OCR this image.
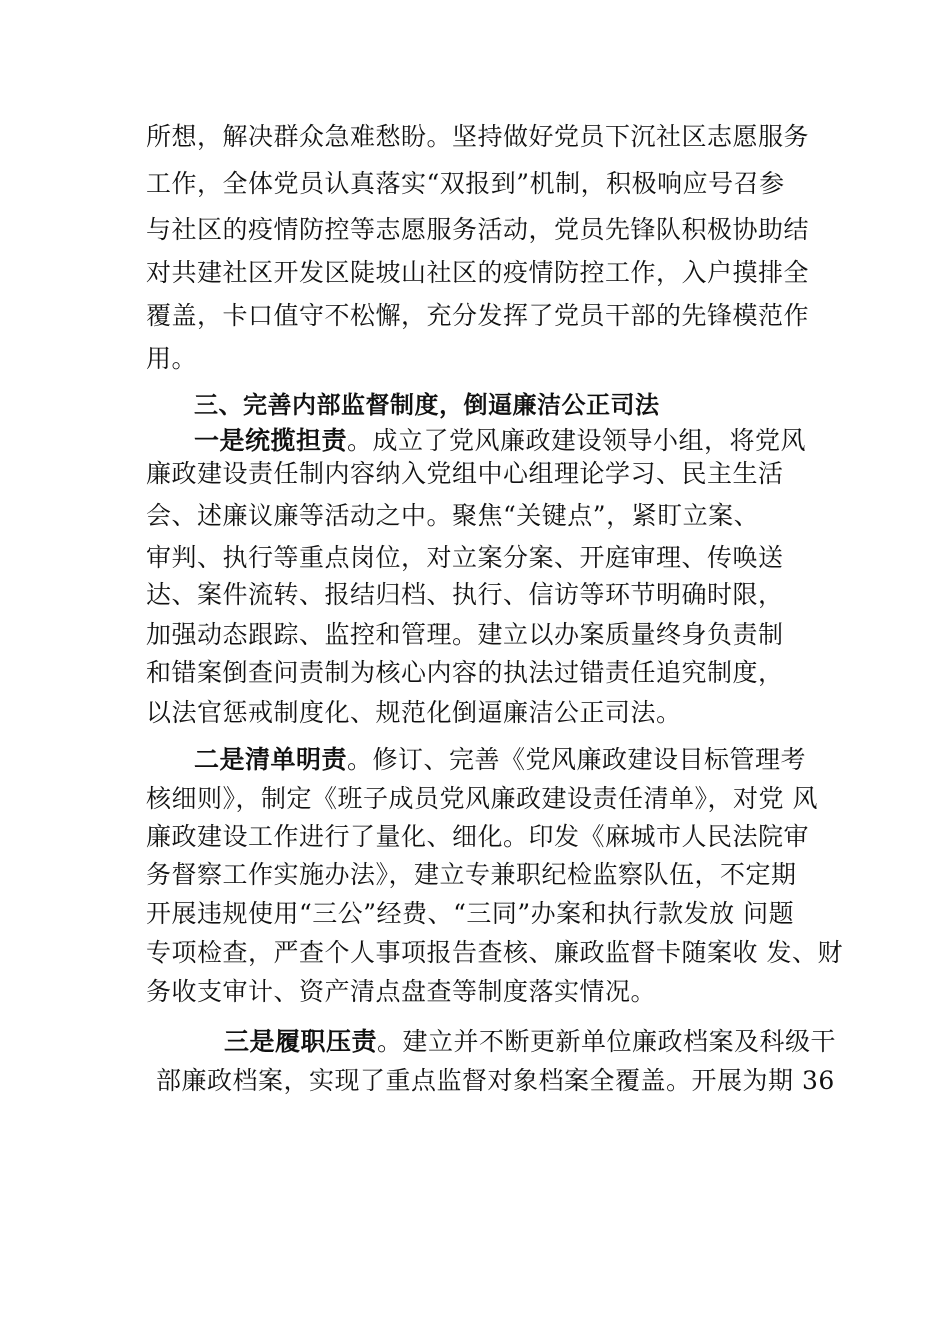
所想，解决群众急难愁盼。坚持做好党员下沉社区志愿服务
工作，全体党员认真落实“双报到”机制，积极响应号召参
与社区的疫情防控等志愿服务活动，党员先锋队积极协助结
对共建社区开发区陡坡山社区的疫情防控工作，入户摸排全
覆盖，卡口值守不松懈，充分发挥了党员干部的先锋模范作
用。
三、完善内部监督制度，倒逼廉洁公正司法
一是统揽担责。成立了党风廉政建设领导小组，将党风
廉政建设责任制内容纳入党组中心组理论学习、民主生活
会、述廉议廉等活动之中。聚焦“关键点”，紧盯立案、
审判、执行等重点岗位，对立案分案、开庭审理、传唤送
达、案件流转、报结归档、执行、信访等环节明确时限，
加强动态跟踪、监控和管理。建立以办案质量终身负责制
和错案倒查问责制为核心内容的执法过错责任追究制度，
以法官惩戒制度化、规范化倒逼廉洁公正司法。
二是清单明责。修订、完善《党风廉政建设目标管理考
核细则》，制定《班子成员党风廉政建设责任清单》，对党 风
廉政建设工作进行了量化、细化。印发《麻城市人民法院审
务督察工作实施办法》，建立专兼职纪检监察队伍，不定期
开展违规使用“三公”经费、“三同”办案和执行款发放 问题
专项检查，严查个人事项报告查核、廉政监督卡随案收 发、财
务收支审计、资产清点盘查等制度落实情况。
三是履职压责。建立并不断更新单位廉政档案及科级干
部廉政档案，实现了重点监督对象档案全覆盖。开展为期 36
